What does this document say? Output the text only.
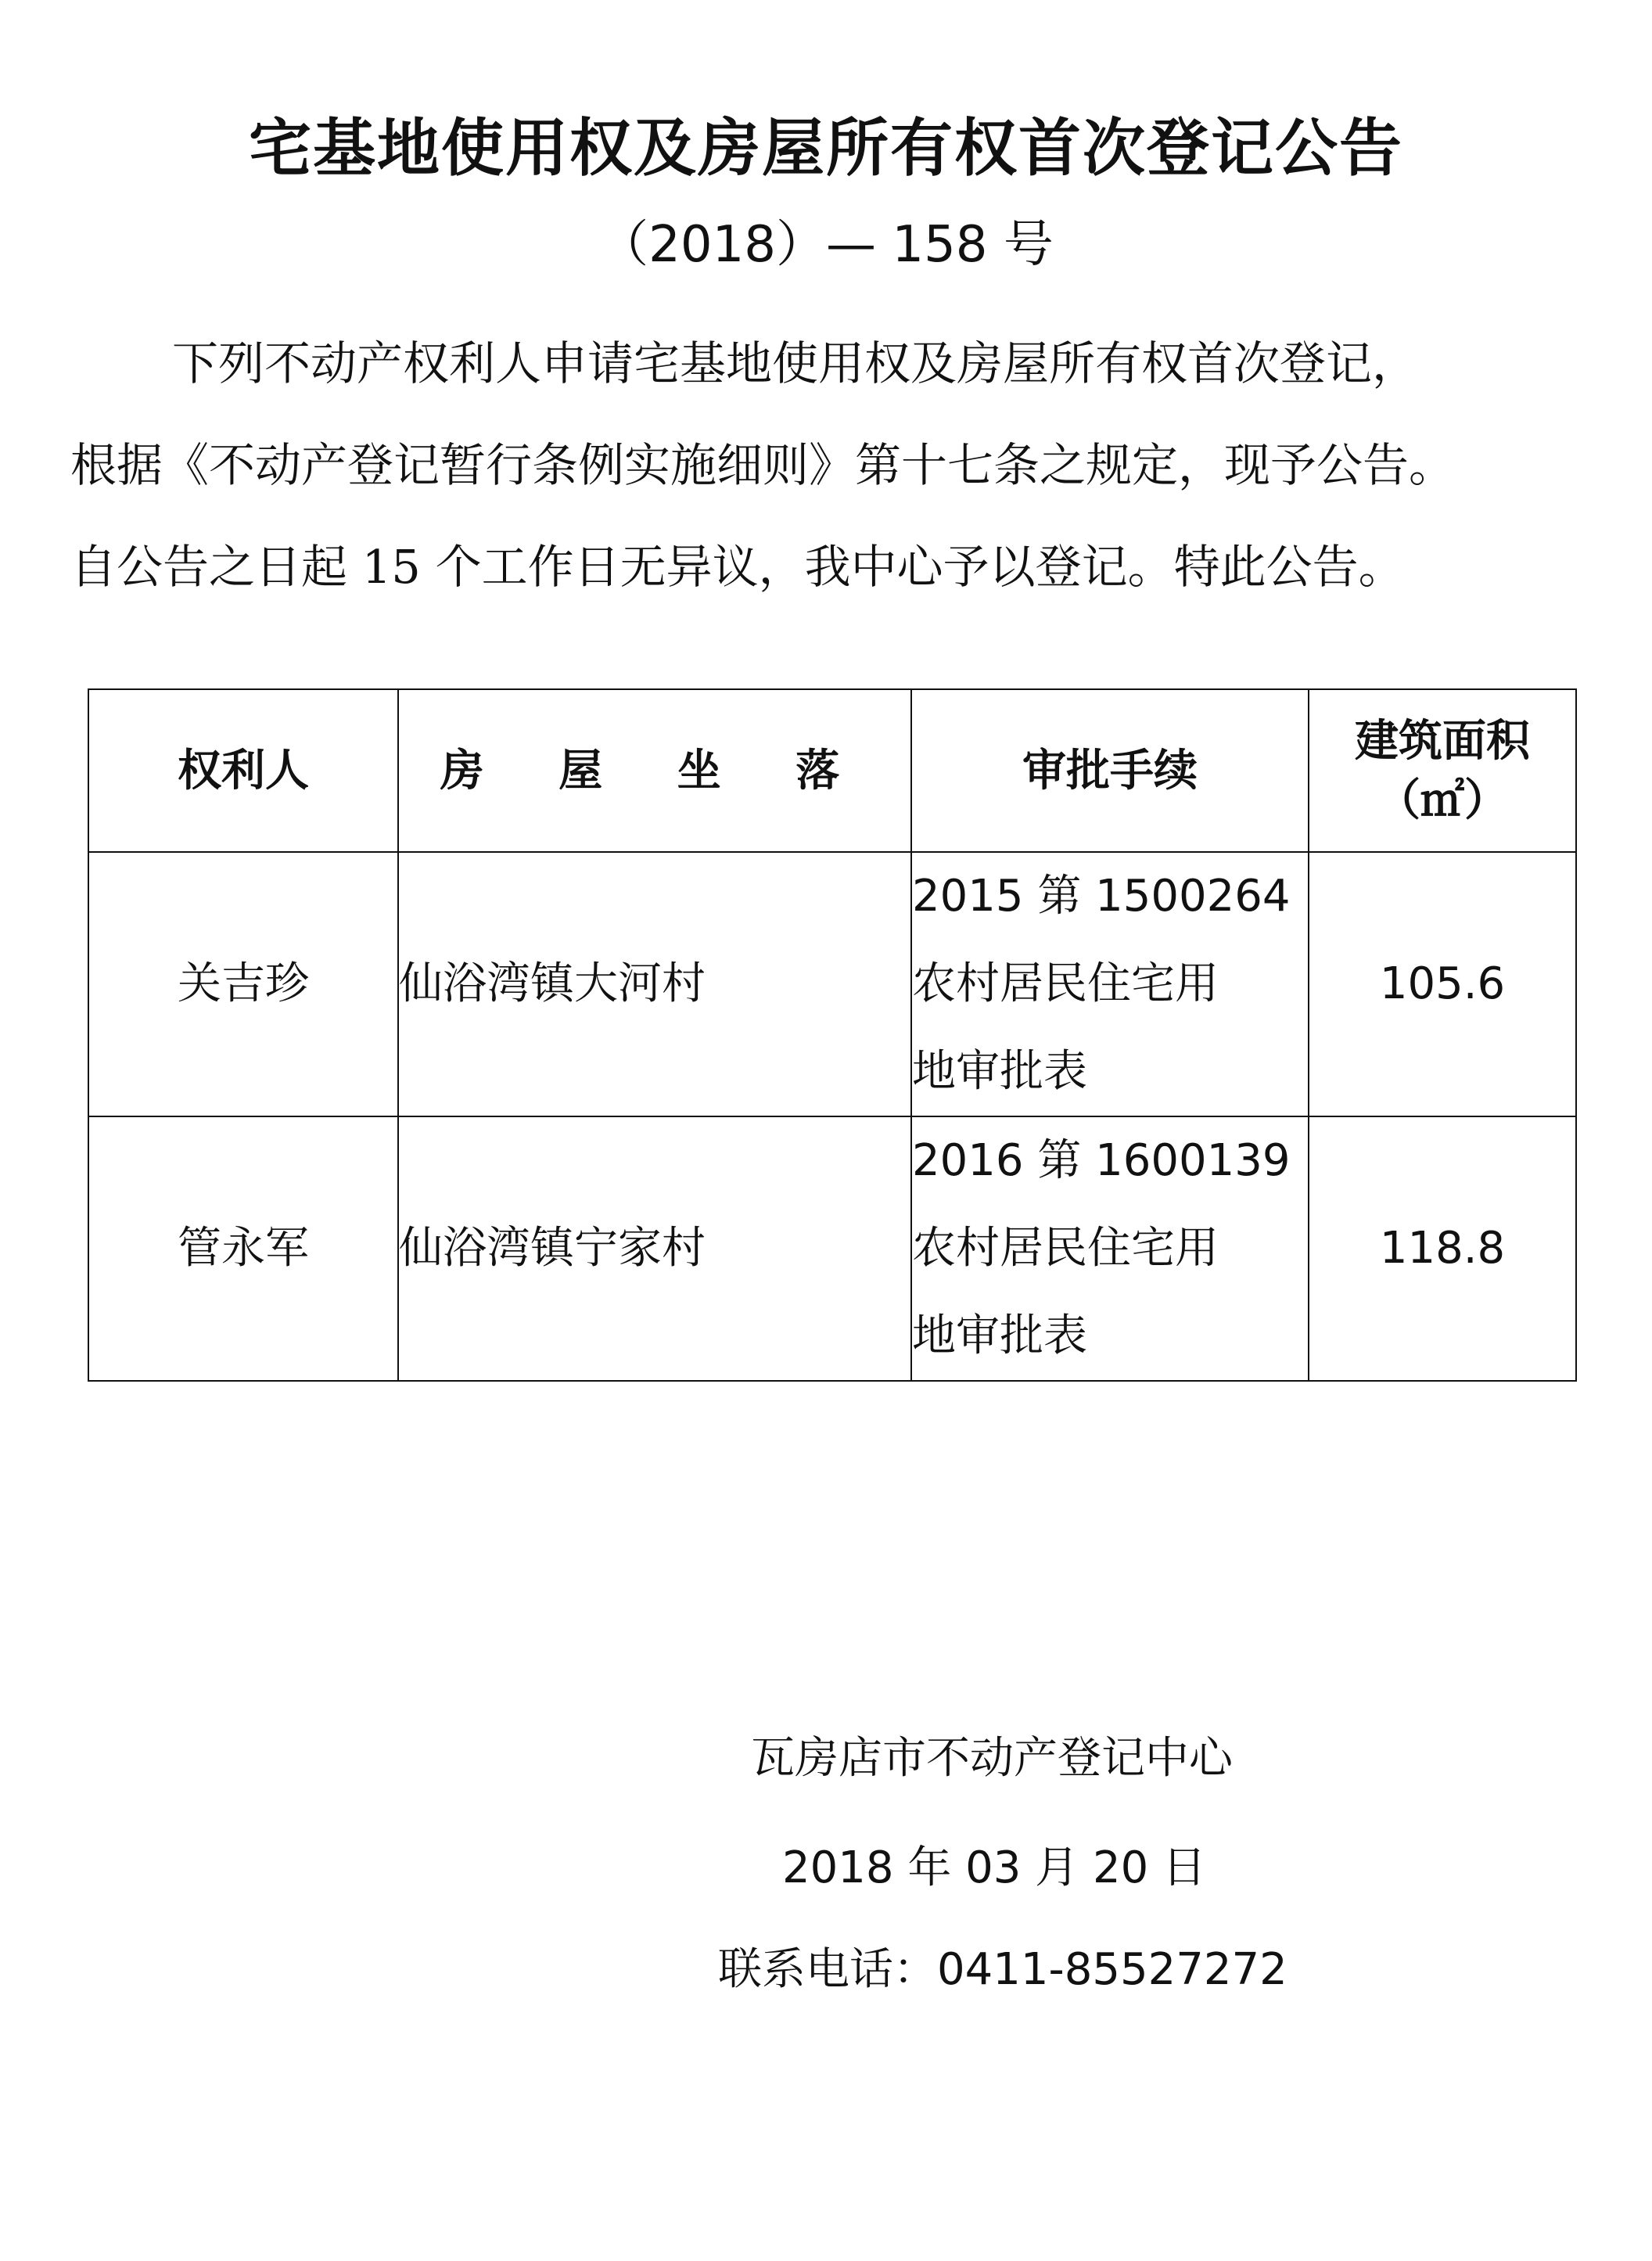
宅基地使用权及房屋所有权首次登记公告
（2018）— 158 号
下列不动产权利人申请宅基地使用权及房屋所有权首次登记，
根据《不动产登记暂行条例实施细则》第十七条之规定，现予公告。
自公告之日起 15 个工作日无异议，我中心予以登记。特此公告。
权利人	房 屋 坐 落	审批手续	建筑面积
（㎡）

关吉珍	仙浴湾镇大河村	2015 第 1500264
农村居民住宅用
地审批表	105.6
管永军	仙浴湾镇宁家村	2016 第 1600139
农村居民住宅用
地审批表	118.8
瓦房店市不动产登记中心
2018 年 03 月 20 日
联系电话：0411-85527272
